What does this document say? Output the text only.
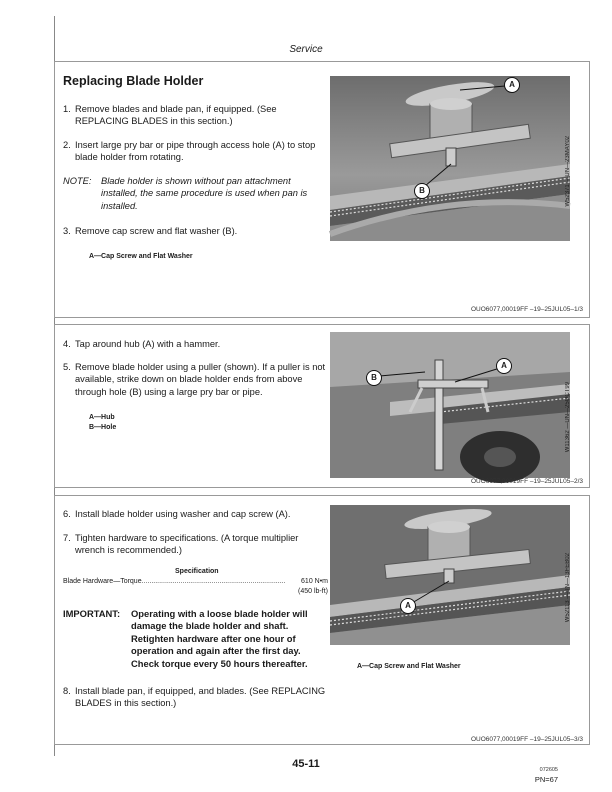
Service
Replacing Blade Holder
1. Remove blades and blade pan, if equipped. (See REPLACING BLADES in this section.)
2. Insert large pry bar or pipe through access hole (A) to stop blade holder from rotating.
NOTE: Blade holder is shown without pan attachment installed, the same procedure is used when pan is installed.
3. Remove cap screw and flat washer (B).
A—Cap Screw and Flat Washer
A
B	W52371 —UN—23MAY02
OUO6077,00019FF –19–25JUL05–1/3
4. Tap around hub (A) with a hammer.
5. Remove blade holder using a puller (shown). If a puller is not available, strike down on blade holder ends from above through hole (B) using a large pry bar or pipe.
A—Hub
B—Hole
B
A
W11362 —UN—25OCT99
OUO6077,00019FF –19–25JUL05–2/3
6. Install blade holder using washer and cap screw (A).
7. Tighten hardware to specifications. (A torque multiplier wrench is recommended.)
Specification
Blade Hardware—Torque ..........................................................................	610 N•m
(450 lb-ft)
IMPORTANT: Operating with a loose blade holder will damage the blade holder and shaft. Retighten hardware after one hour of operation and again after the first day. Check torque every 50 hours thereafter.
8. Install blade pan, if equipped, and blades. (See REPLACING BLADES in this section.)
A	W52113 —UN—13FEB02
A—Cap Screw and Flat Washer
OUO6077,00019FF –19–25JUL05–3/3
45-11	072605
PN=67
